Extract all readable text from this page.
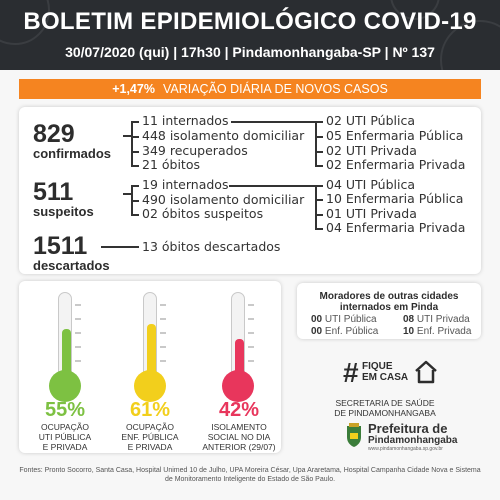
BOLETIM EPIDEMIOLÓGICO COVID-19
30/07/2020 (qui) | 17h30 | Pindamonhangaba-SP | Nº 137
+1,47% VARIAÇÃO DIÁRIA DE NOVOS CASOS
829
confirmados
11 internados
448 isolamento domiciliar
349 recuperados
21 óbitos
02 UTI Pública
05 Enfermaria Pública
02 UTI Privada
02 Enfermaria Privada
511
suspeitos
19 internados
490 isolamento domiciliar
02 óbitos suspeitos
04 UTI Pública
10 Enfermaria Pública
01 UTI Privada
04 Enfermaria Privada
1511
descartados
13 óbitos descartados
55%
OCUPAÇÃO
UTI PÚBLICA
E PRIVADA
61%
OCUPAÇÃO
ENF. PÚBLICA
E PRIVADA
42%
ISOLAMENTO
SOCIAL NO DIA
ANTERIOR (29/07)
Moradores de outras cidades
internados em Pinda
00 UTI Pública	08 UTI Privada
00 Enf. Pública 10 Enf. Privada
# FIQUE
EM CASA
SECRETARIA DE SAÚDE
DE PINDAMONHANGABA
Prefeitura de
Pindamonhangaba
www.pindamonhangaba.sp.gov.br
Fontes: Pronto Socorro, Santa Casa, Hospital Unimed 10 de Julho, UPA Moreira César, Upa Araretama, Hospital Campanha Cidade Nova e Sistema
de Monitoramento Inteligente do Estado de São Paulo.
